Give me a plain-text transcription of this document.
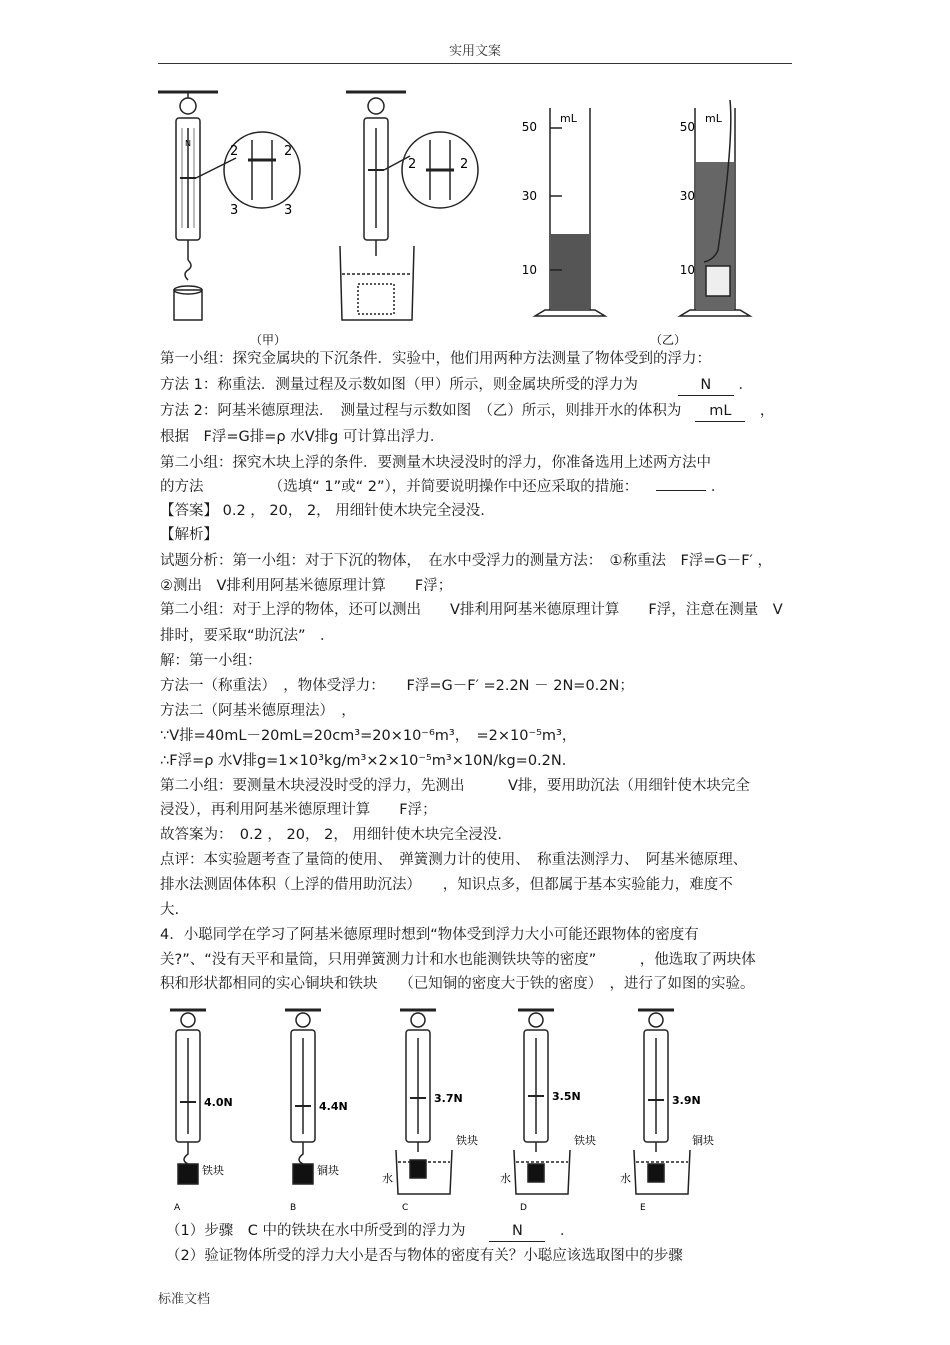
实用文案
N
2	2
3	3
2	2
（甲）
mL
50
30
10
mL
50
30
10
（乙）
第一小组：探究金属块的下沉条件．实验中，他们用两种方法测量了物体受到的浮力：
方法 1：称重法．测量过程及示数如图（甲）所示，则金属块所受的浮力为	N ．
方法 2：阿基米德原理法．　测量过程与示数如图　（乙）所示，则排开水的体积为 mL　，
根据　F浮=G排=ρ 水V排g 可计算出浮力．
第二小组：探究木块上浮的条件．要测量木块浸没时的浮力，你准备选用上述两方法中
的方法　　　　　（选填“ 1”或“ 2”），并简要说明操作中还应采取的措施：	．
【答案】 0.2 ， 20， 2， 用细针使木块完全浸没.
【解析】
试题分析：第一小组：对于下沉的物体，　在水中受浮力的测量方法：　①称重法　F浮=G－F′ ，
②测出　V排利用阿基米德原理计算　　F浮；
第二小组：对于上浮的物体，还可以测出　　V排利用阿基米德原理计算　　F浮，注意在测量　V
排时，要采取“助沉法”　．
解：第一小组：
方法一（称重法）　，物体受浮力：　　F浮=G－F′ =2.2N － 2N=0.2N；
方法二（阿基米德原理法）　，
∵V排=40mL－20mL=20cm³=20×10⁻⁶m³，　=2×10⁻⁵m³，
∴F浮=ρ 水V排g=1×10³kg/m³×2×10⁻⁵m³×10N/kg=0.2N．
第二小组：要测量木块浸没时受的浮力，先测出　　　V排，要用助沉法（用细针使木块完全
浸没），再利用阿基米德原理计算　　F浮；
故答案为：　0.2 ， 20， 2， 用细针使木块完全浸没.
点评：本实验题考查了量筒的使用、　弹簧测力计的使用、　称重法测浮力、　阿基米德原理、
排水法测固体体积（上浮的借用助沉法）　　，知识点多，但都属于基本实验能力，难度不
大.
4．小聪同学在学习了阿基米德原理时想到“物体受到浮力大小可能还跟物体的密度有
关?”、“没有天平和量筒，只用弹簧测力计和水也能测铁块等的密度”　　　，他选取了两块体
积和形状都相同的实心铜块和铁块　　（已知铜的密度大于铁的密度）　，进行了如图的实验。
4.0N	4.4N
3.7N	3.5N	3.9N
铁块	铜块
铁块	铁块	铜块
水	水	水
A	B	C	D	E
（1）步骤　C 中的铁块在水中所受到的浮力为	N　．
（2）验证物体所受的浮力大小是否与物体的密度有关？小聪应该选取图中的步骤
标准文档
